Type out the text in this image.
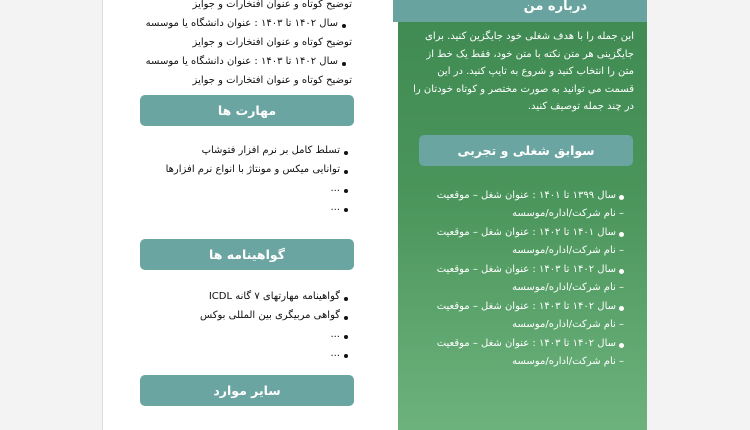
درباره من
این جمله را با هدف شغلی خود جایگزین کنید. برای جایگزینی هر متن نکته با متن خود، فقط یک خط از متن را انتخاب کنید و شروع به تایپ کنید. در این قسمت می توانید به صورت مختصر و کوتاه خودتان را در چند جمله توصیف کنید.
سوابق شغلی و تجربی
سال ۱۳۹۹ تا ۱۴۰۱ : عنوان شغل – موقعیت
– نام شرکت/اداره/موسسه
سال ۱۴۰۱ تا ۱۴۰۲ : عنوان شغل – موقعیت
– نام شرکت/اداره/موسسه
سال ۱۴۰۲ تا ۱۴۰۳ : عنوان شغل – موقعیت
– نام شرکت/اداره/موسسه
سال ۱۴۰۲ تا ۱۴۰۳ : عنوان شغل – موقعیت
– نام شرکت/اداره/موسسه
سال ۱۴۰۲ تا ۱۴۰۳ : عنوان شغل – موقعیت
– نام شرکت/اداره/موسسه
توضیح کوتاه و عنوان افتخارات و جوایز
سال ۱۴۰۲ تا ۱۴۰۳ : عنوان دانشگاه یا موسسه
توضیح کوتاه و عنوان افتخارات و جوایز
سال ۱۴۰۲ تا ۱۴۰۳ : عنوان دانشگاه یا موسسه
توضیح کوتاه و عنوان افتخارات و جوایز
مهارت ها
تسلط کامل بر نرم افزار فتوشاپ
توانایی میکس و مونتاژ با انواع نرم افزارها
...
...
گواهینامه ها
گواهینامه مهارتهای ۷ گانه ICDL
گواهی مربیگری بین المللی بوکس
...
...
سایر موارد
